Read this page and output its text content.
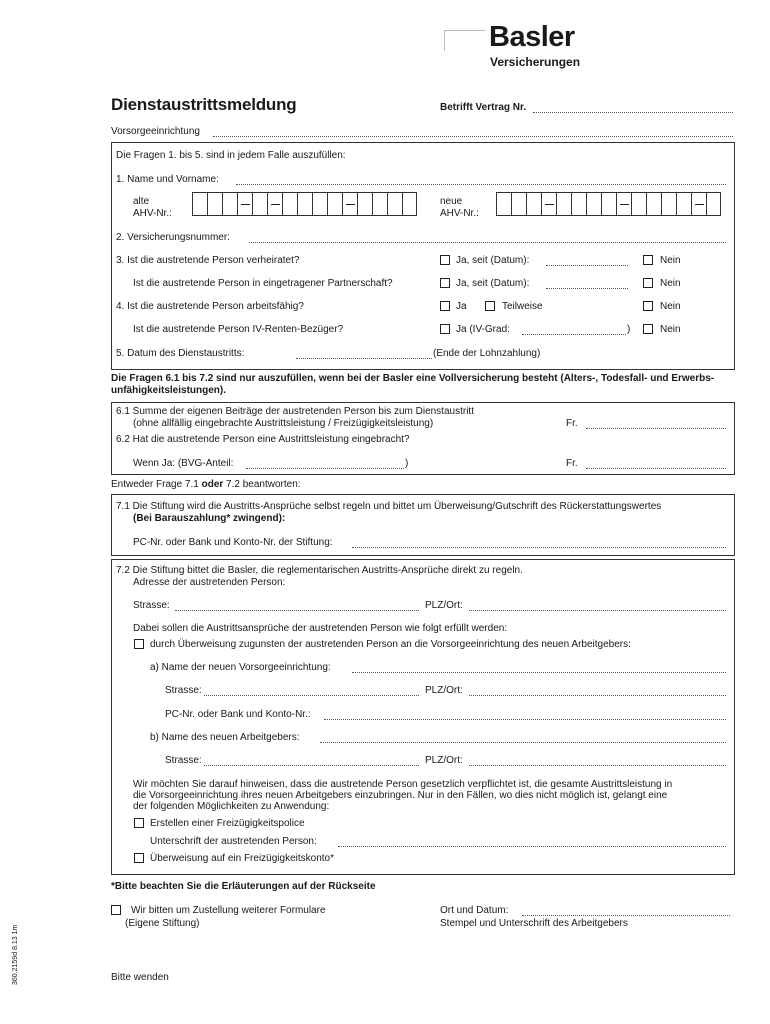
Basler
Versicherungen
Dienstaustrittsmeldung	Betrifft Vertrag Nr.
Vorsorgeeinrichtung
Die Fragen 1. bis 5. sind in jedem Falle auszufüllen:
1. Name und Vorname:
alte
AHV-Nr.:
neue
AHV-Nr.:
2. Versicherungsnummer:
3. Ist die austretende Person verheiratet?	Ja, seit (Datum):	Nein
Ist die austretende Person in eingetragener Partnerschaft?	Ja, seit (Datum):	Nein
4. Ist die austretende Person arbeitsfähig?	Ja	Teilweise	Nein
Ist die austretende Person IV-Renten-Bezüger?	Ja (IV-Grad:	)	Nein
5. Datum des Dienstaustritts:	(Ende der Lohnzahlung)
Die Fragen 6.1 bis 7.2 sind nur auszufüllen, wenn bei der Basler eine Vollversicherung besteht (Alters-, Todesfall- und Erwerbs-
unfähigkeitsleistungen).
6.1 Summe der eigenen Beiträge der austretenden Person bis zum Dienstaustritt
(ohne allfällig eingebrachte Austrittsleistung / Freizügigkeitsleistung)	Fr.
6.2 Hat die austretende Person eine Austrittsleistung eingebracht?
Wenn Ja: (BVG-Anteil:	)	Fr.
Entweder Frage 7.1 oder 7.2 beantworten:
7.1 Die Stiftung wird die Austritts-Ansprüche selbst regeln und bittet um Überweisung/Gutschrift des Rückerstattungswertes
(Bei Barauszahlung* zwingend):
PC-Nr. oder Bank und Konto-Nr. der Stiftung:
7.2 Die Stiftung bittet die Basler, die reglementarischen Austritts-Ansprüche direkt zu regeln.
Adresse der austretenden Person:
Strasse:	PLZ/Ort:
Dabei sollen die Austrittsansprüche der austretenden Person wie folgt erfüllt werden:
durch Überweisung zugunsten der austretenden Person an die Vorsorgeeinrichtung des neuen Arbeitgebers:
a) Name der neuen Vorsorgeeinrichtung:
Strasse:	PLZ/Ort:
PC-Nr. oder Bank und Konto-Nr.:
b) Name des neuen Arbeitgebers:
Strasse:	PLZ/Ort:
Wir möchten Sie darauf hinweisen, dass die austretende Person gesetzlich verpflichtet ist, die gesamte Austrittsleistung in
die Vorsorgeeinrichtung ihres neuen Arbeitgebers einzubringen. Nur in den Fällen, wo dies nicht möglich ist, gelangt eine
der folgenden Möglichkeiten zu Anwendung:
Erstellen einer Freizügigkeitspolice
Unterschrift der austretenden Person:
Überweisung auf ein Freizügigkeitskonto*
*Bitte beachten Sie die Erläuterungen auf der Rückseite
Wir bitten um Zustellung weiterer Formulare
(Eigene Stiftung)
Ort und Datum:
Stempel und Unterschrift des Arbeitgebers
Bitte wenden
360.2159d 8.13 1m
